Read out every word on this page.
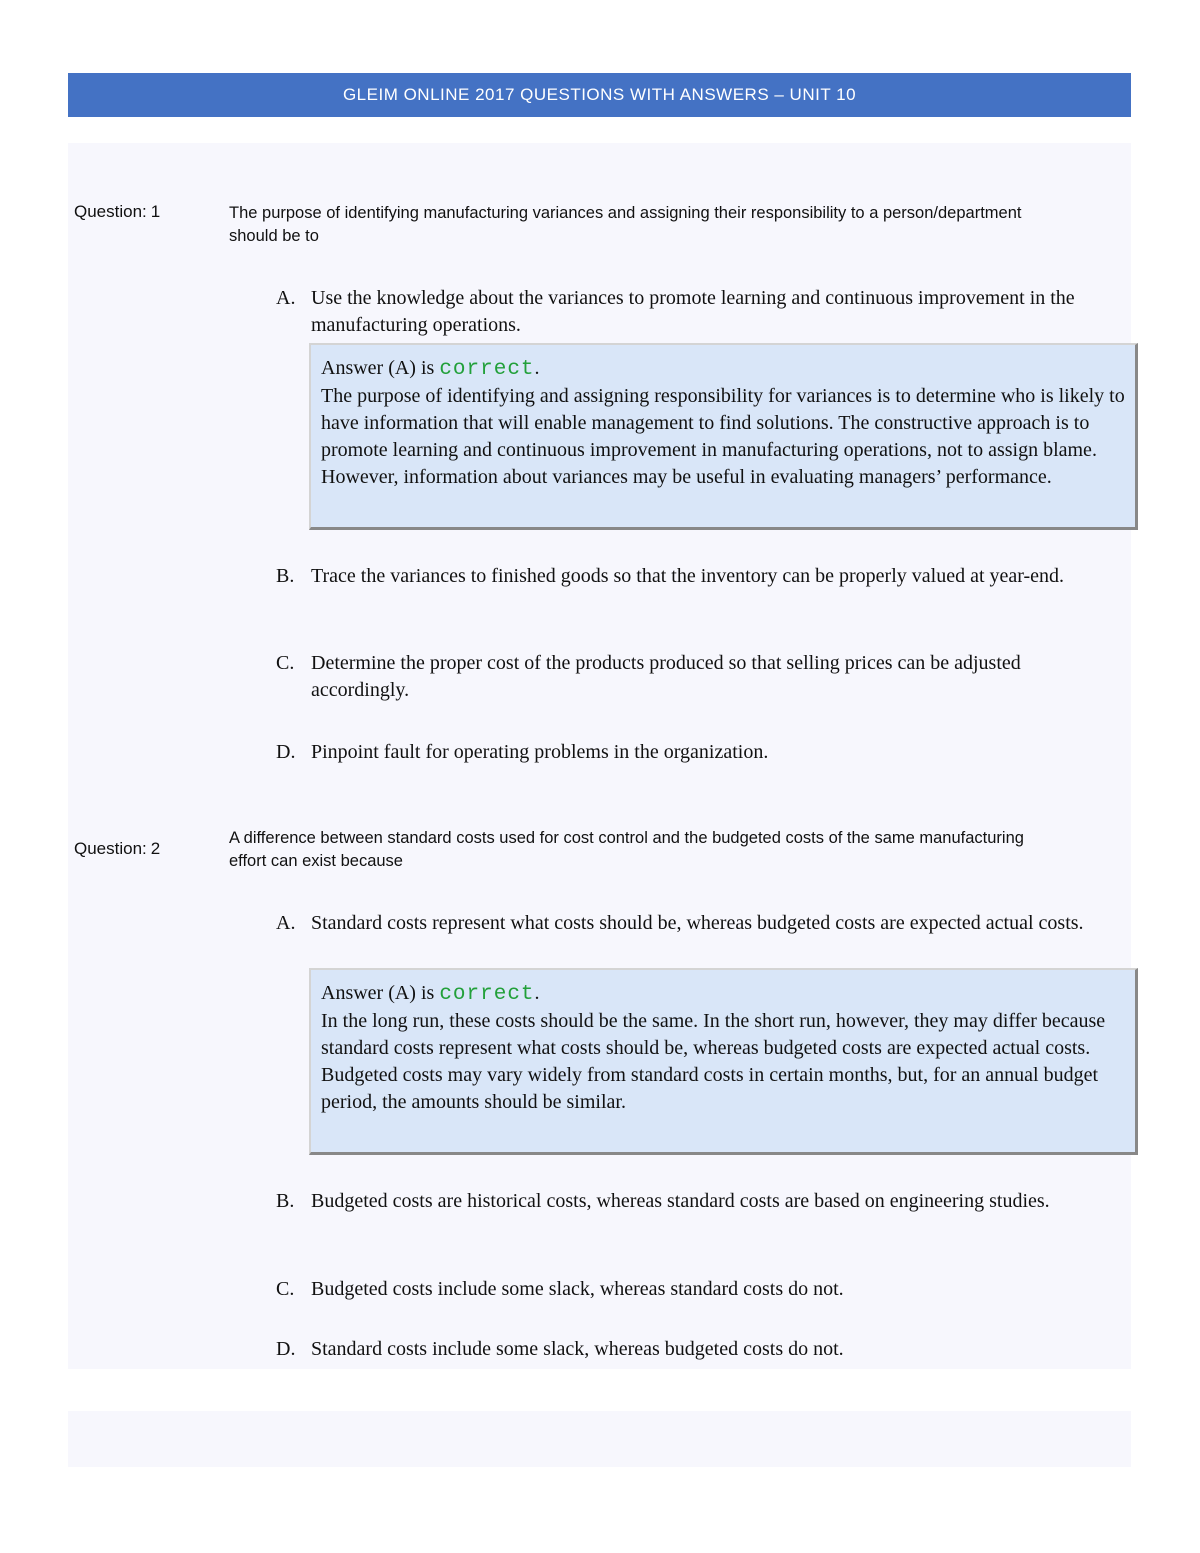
GLEIM ONLINE 2017 QUESTIONS WITH ANSWERS – UNIT 10
Question: 1	The purpose of identifying manufacturing variances and assigning their responsibility to a person/department should be to
A. Use the knowledge about the variances to promote learning and continuous improvement in the manufacturing operations.
Answer (A) is correct.
The purpose of identifying and assigning responsibility for variances is to determine who is likely to have information that will enable management to find solutions. The constructive approach is to promote learning and continuous improvement in manufacturing operations, not to assign blame. However, information about variances may be useful in evaluating managers’ performance.
B. Trace the variances to finished goods so that the inventory can be properly valued at year-end.
C. Determine the proper cost of the products produced so that selling prices can be adjusted accordingly.
D. Pinpoint fault for operating problems in the organization.
Question: 2
A difference between standard costs used for cost control and the budgeted costs of the same manufacturing effort can exist because
A. Standard costs represent what costs should be, whereas budgeted costs are expected actual costs.
Answer (A) is correct.
In the long run, these costs should be the same. In the short run, however, they may differ because standard costs represent what costs should be, whereas budgeted costs are expected actual costs. Budgeted costs may vary widely from standard costs in certain months, but, for an annual budget period, the amounts should be similar.
B. Budgeted costs are historical costs, whereas standard costs are based on engineering studies.
C. Budgeted costs include some slack, whereas standard costs do not.
D. Standard costs include some slack, whereas budgeted costs do not.
